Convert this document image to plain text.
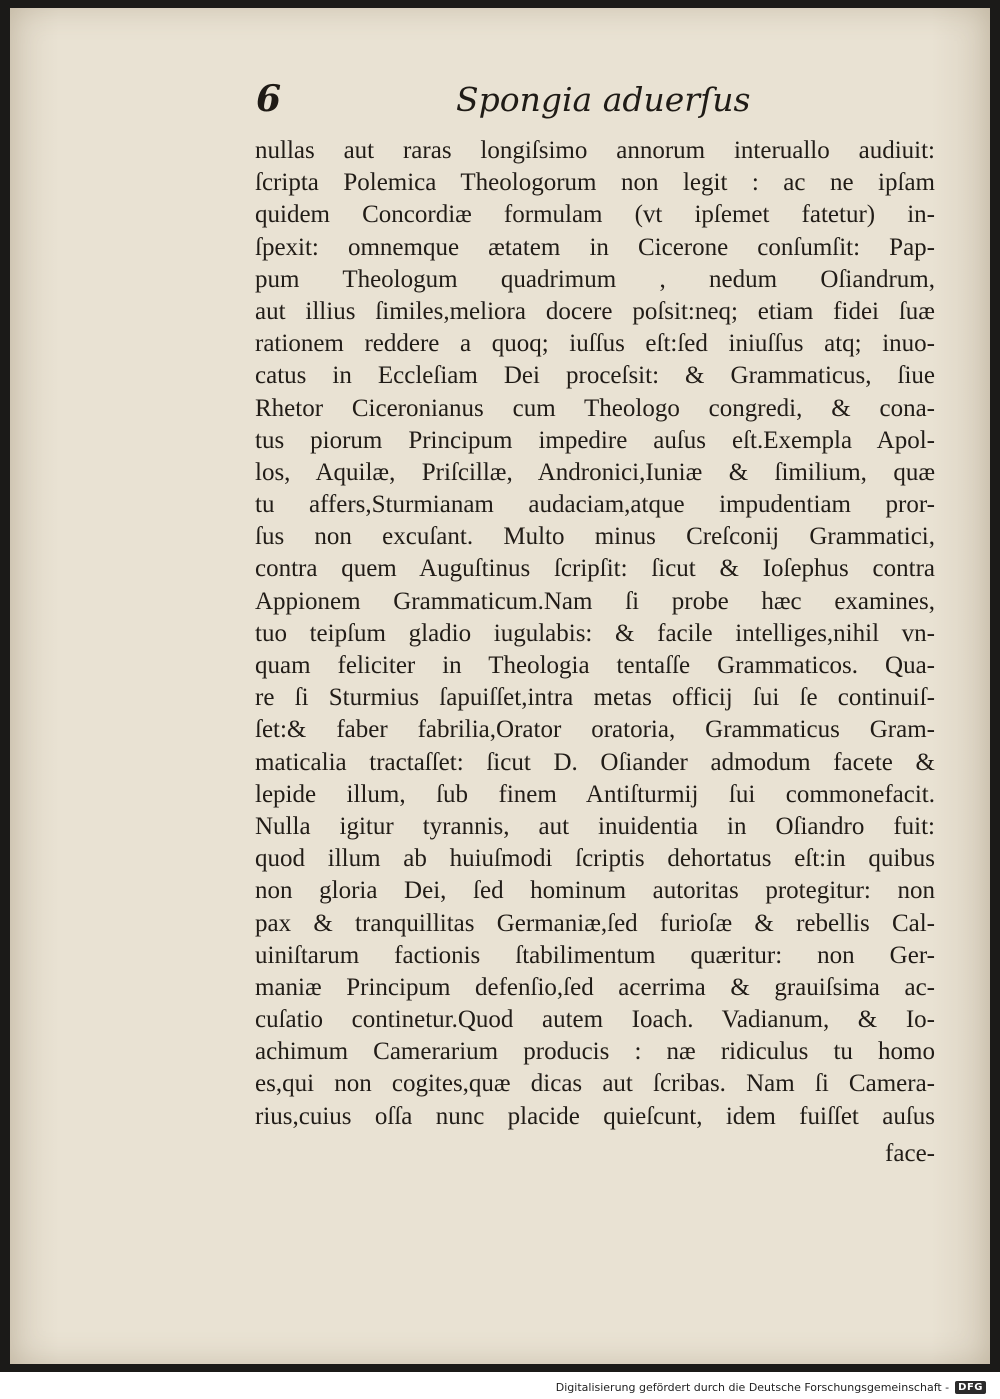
6	Spongia aduerſus
nullas aut raras longiſsimo annorum interuallo audiuit:
ſcripta Polemica Theologorum non legit : ac ne ipſam
quidem Concordiæ formulam (vt ipſemet fatetur) in-
ſpexit: omnemque ætatem in Cicerone conſumſit: Pap-
pum Theologum quadrimum , nedum Oſiandrum,
aut illius ſimiles,meliora docere poſsit:neq; etiam fidei ſuæ
rationem reddere a quoq; iuſſus eſt:ſed iniuſſus atq; inuo-
catus in Eccleſiam Dei proceſsit: & Grammaticus, ſiue
Rhetor Ciceronianus cum Theologo congredi, & cona-
tus piorum Principum impedire auſus eſt.Exempla Apol-
los, Aquilæ, Priſcillæ, Andronici,Iuniæ & ſimilium, quæ
tu affers,Sturmianam audaciam,atque impudentiam pror-
ſus non excuſant. Multo minus Creſconij Grammatici,
contra quem Auguſtinus ſcripſit: ſicut & Ioſephus contra
Appionem Grammaticum.Nam ſi probe hæc examines,
tuo teipſum gladio iugulabis: & facile intelliges,nihil vn-
quam feliciter in Theologia tentaſſe Grammaticos. Qua-
re ſi Sturmius ſapuiſſet,intra metas officij ſui ſe continuiſ-
ſet:& faber fabrilia,Orator oratoria, Grammaticus Gram-
maticalia tractaſſet: ſicut D. Oſiander admodum facete &
lepide illum, ſub finem Antiſturmij ſui commonefacit.
Nulla igitur tyrannis, aut inuidentia in Oſiandro fuit:
quod illum ab huiuſmodi ſcriptis dehortatus eſt:in quibus
non gloria Dei, ſed hominum autoritas protegitur: non
pax & tranquillitas Germaniæ,ſed furioſæ & rebellis Cal-
uiniſtarum factionis ſtabilimentum quæritur: non Ger-
maniæ Principum defenſio,ſed acerrima & grauiſsima ac-
cuſatio continetur.Quod autem Ioach. Vadianum, & Io-
achimum Camerarium producis : næ ridiculus tu homo
es,qui non cogites,quæ dicas aut ſcribas. Nam ſi Camera-
rius,cuius oſſa nunc placide quieſcunt, idem fuiſſet auſus
face-
Digitalisierung gefördert durch die Deutsche Forschungsgemeinschaft - DFG
